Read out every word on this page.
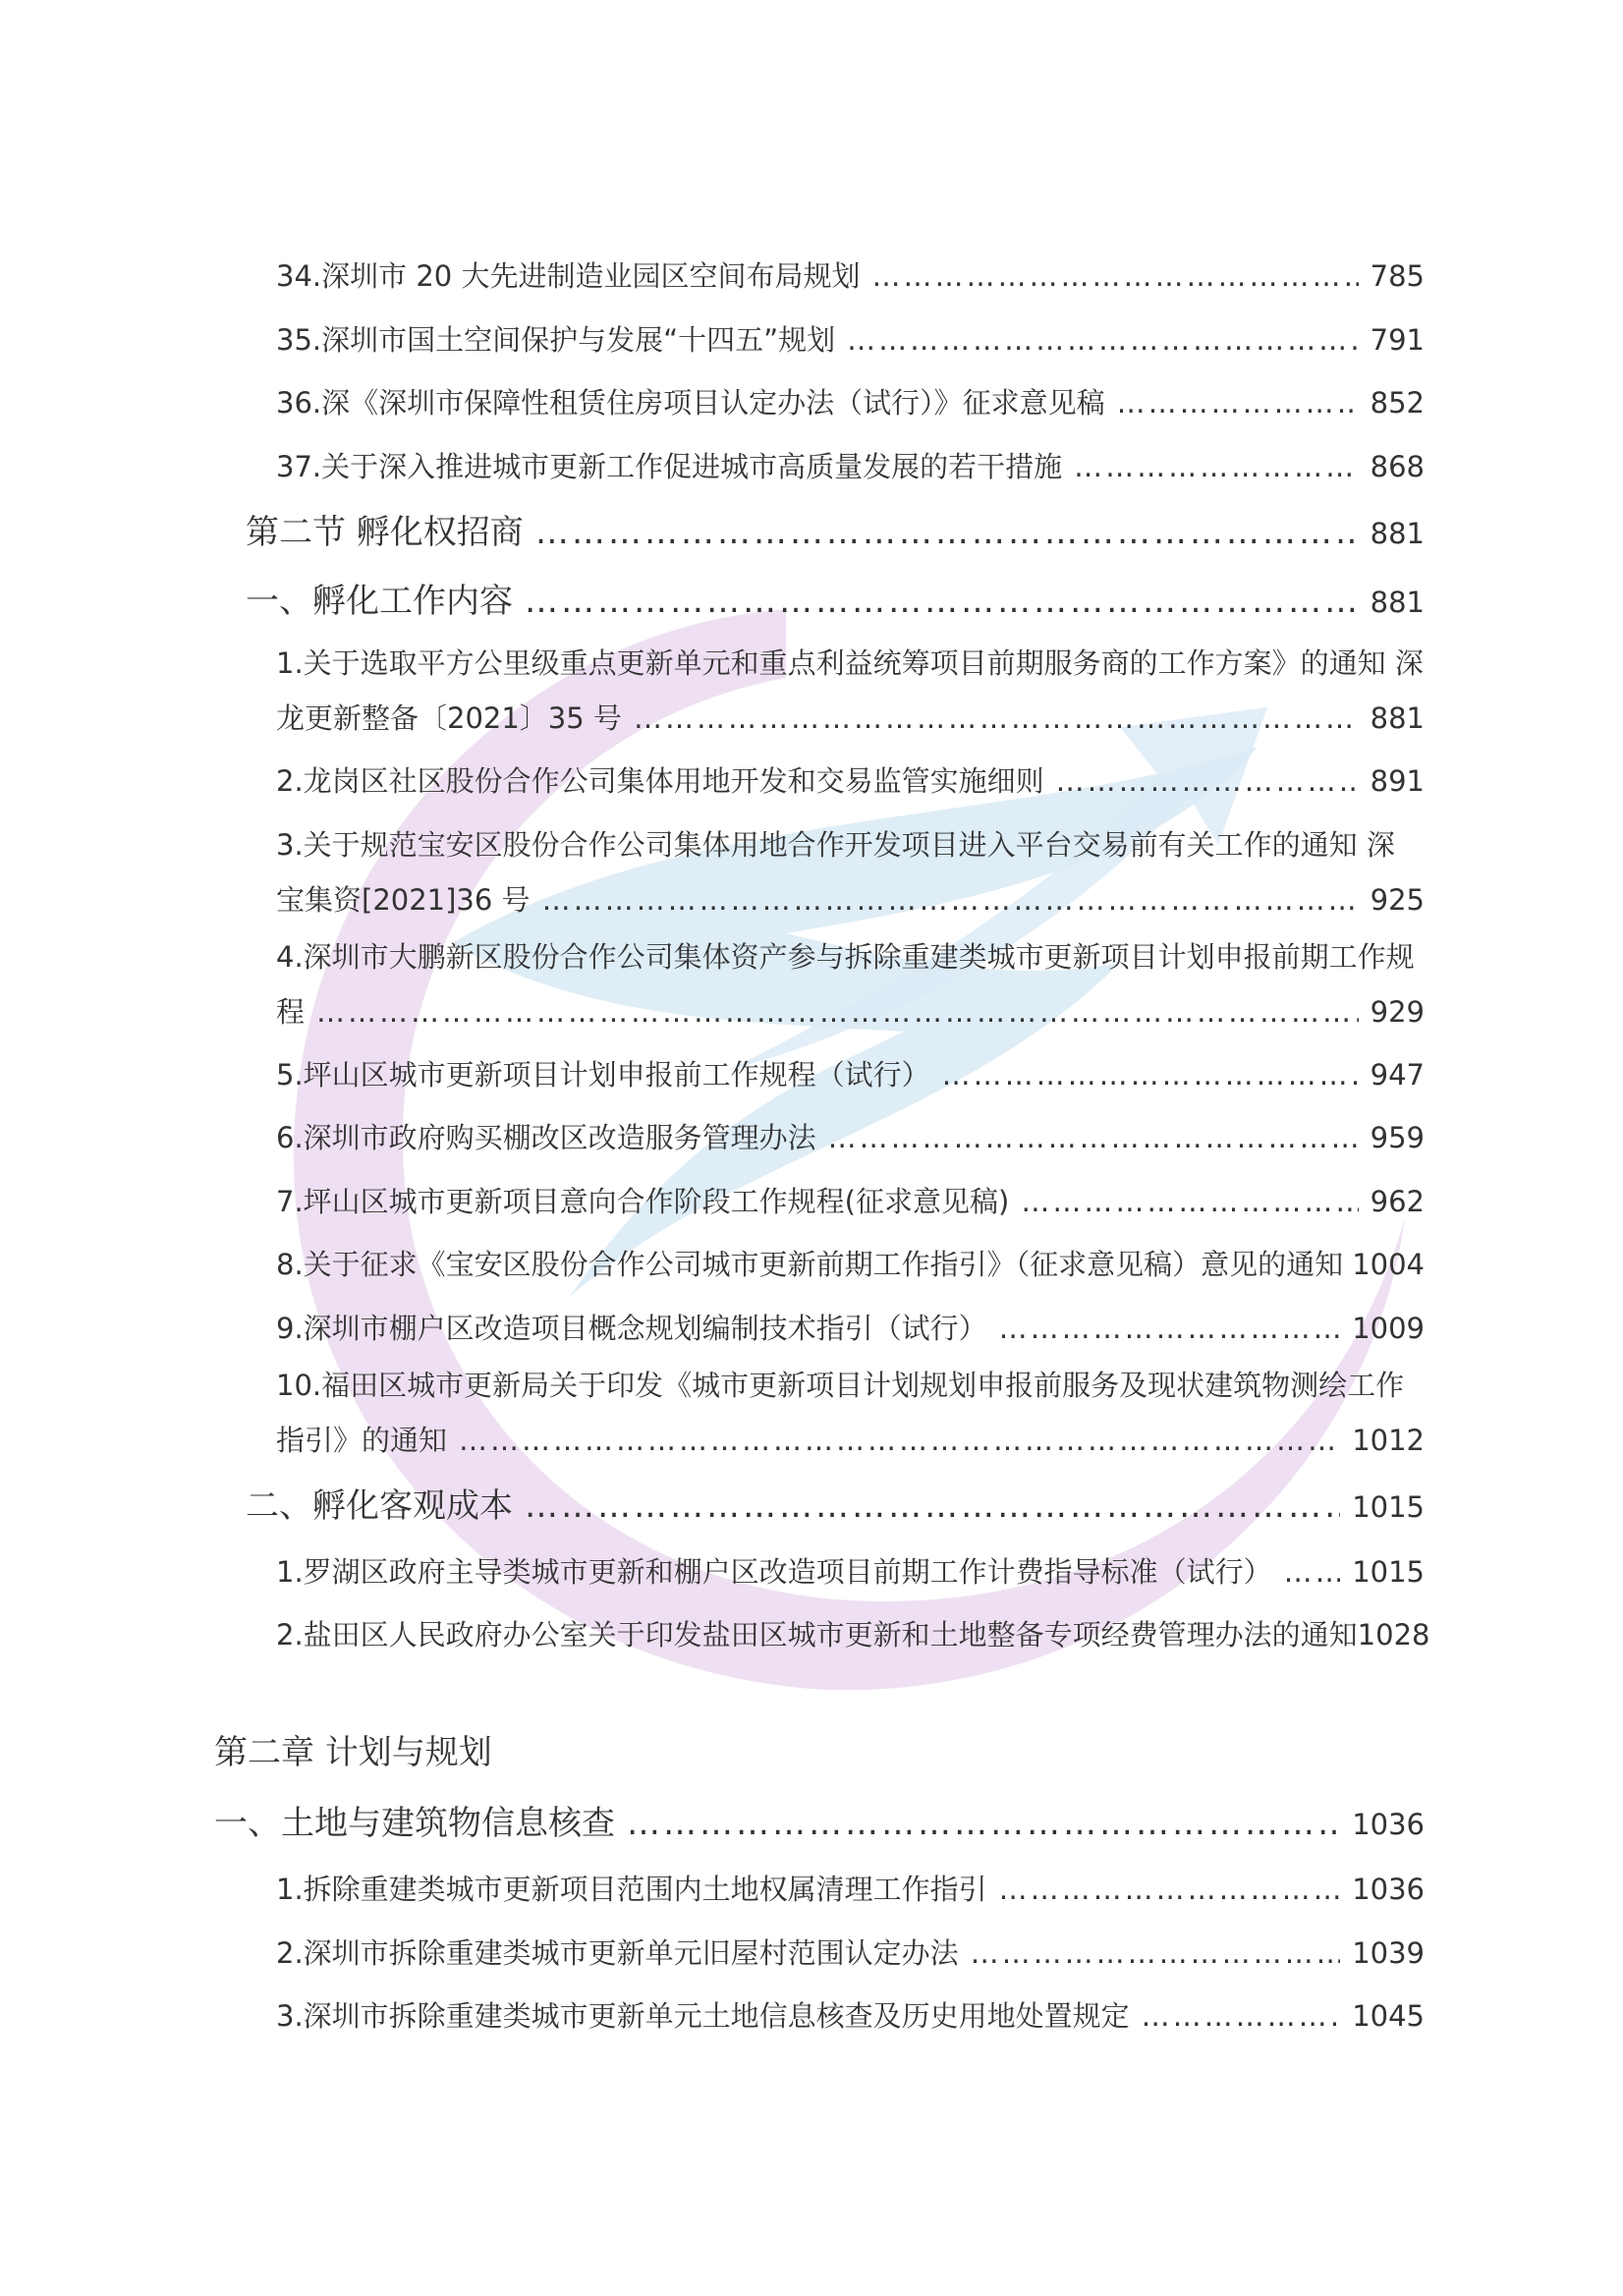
34.深圳市 20 大先进制造业园区空间布局规划 ……………………………………………………………………………………………………………………………………………………………………………	785
35.深圳市国土空间保护与发展“十四五”规划 ……………………………………………………………………………………………………………………………………………………………………………	791
36.深《深圳市保障性租赁住房项目认定办法（试行）》征求意见稿 ……………………………………………………………………………………………………………………………………………………………………………	852
37.关于深入推进城市更新工作促进城市高质量发展的若干措施 ……………………………………………………………………………………………………………………………………………………………………………	868
第二节 孵化权招商 ……………………………………………………………………………………………………………………………………………………………………………	881
一、孵化工作内容 ……………………………………………………………………………………………………………………………………………………………………………	881
1.关于选取平方公里级重点更新单元和重点利益统筹项目前期服务商的工作方案》的通知 深
龙更新整备〔2021〕35 号 ……………………………………………………………………………………………………………………………………………………………………………	881
2.龙岗区社区股份合作公司集体用地开发和交易监管实施细则 ……………………………………………………………………………………………………………………………………………………………………………	891
3.关于规范宝安区股份合作公司集体用地合作开发项目进入平台交易前有关工作的通知 深
宝集资[2021]36 号 ……………………………………………………………………………………………………………………………………………………………………………	925
4.深圳市大鹏新区股份合作公司集体资产参与拆除重建类城市更新项目计划申报前期工作规
程 ……………………………………………………………………………………………………………………………………………………………………………	929
5.坪山区城市更新项目计划申报前工作规程（试行） ……………………………………………………………………………………………………………………………………………………………………………	947
6.深圳市政府购买棚改区改造服务管理办法 ……………………………………………………………………………………………………………………………………………………………………………	959
7.坪山区城市更新项目意向合作阶段工作规程(征求意见稿) ……………………………………………………………………………………………………………………………………………………………………………	962
8.关于征求《宝安区股份合作公司城市更新前期工作指引》（征求意见稿）意见的通知 1004
9.深圳市棚户区改造项目概念规划编制技术指引（试行） ……………………………………………………………………………………………………………………………………………………………………………	1009
10.福田区城市更新局关于印发《城市更新项目计划规划申报前服务及现状建筑物测绘工作
指引》的通知 ……………………………………………………………………………………………………………………………………………………………………………	1012
二、孵化客观成本 ……………………………………………………………………………………………………………………………………………………………………………	1015
1.罗湖区政府主导类城市更新和棚户区改造项目前期工作计费指导标准（试行） ……………………………………………………………………………………………………………………………………………………………………………	1015
2.盐田区人民政府办公室关于印发盐田区城市更新和土地整备专项经费管理办法的通知 1028
第二章 计划与规划
一、土地与建筑物信息核查 ……………………………………………………………………………………………………………………………………………………………………………	1036
1.拆除重建类城市更新项目范围内土地权属清理工作指引 ……………………………………………………………………………………………………………………………………………………………………………	1036
2.深圳市拆除重建类城市更新单元旧屋村范围认定办法 ……………………………………………………………………………………………………………………………………………………………………………	1039
3.深圳市拆除重建类城市更新单元土地信息核查及历史用地处置规定 ……………………………………………………………………………………………………………………………………………………………………………	1045
